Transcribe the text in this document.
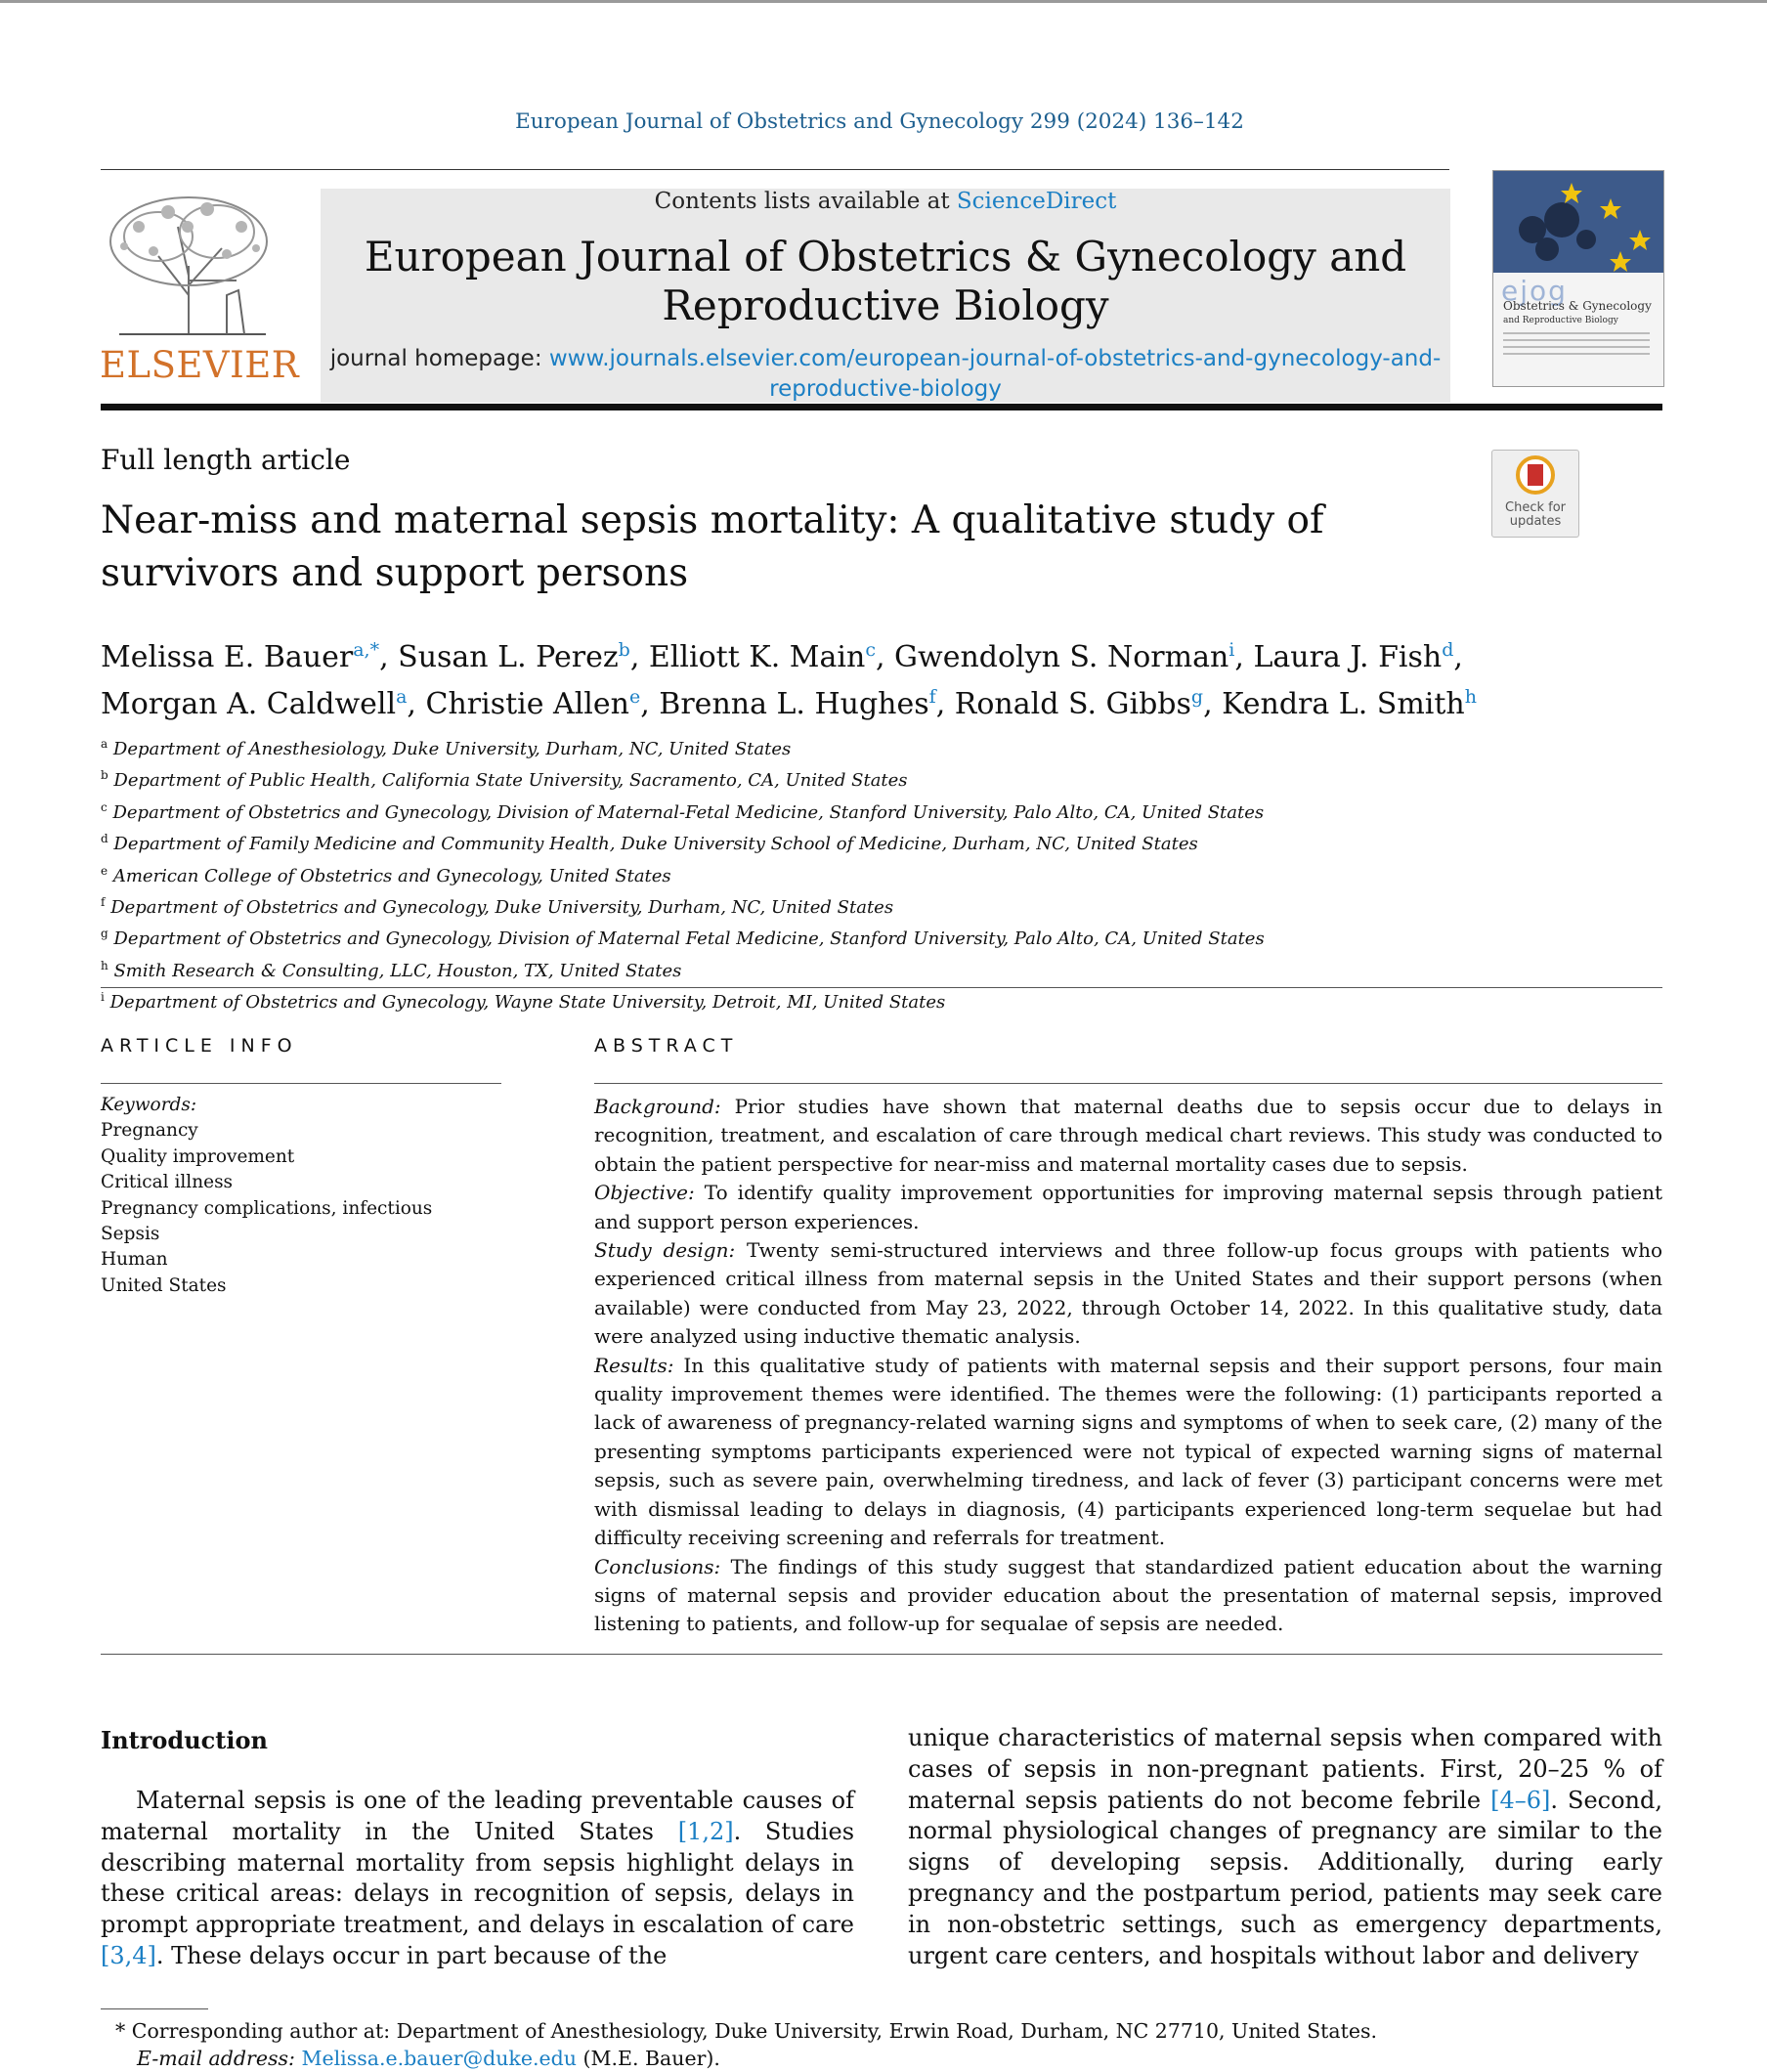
European Journal of Obstetrics and Gynecology 299 (2024) 136–142
ELSEVIER
Contents lists available at ScienceDirect
European Journal of Obstetrics & Gynecology and Reproductive Biology
journal homepage: www.journals.elsevier.com/european-journal-of-obstetrics-and-gynecology-and-
reproductive-biology
ejog
Obstetrics & Gynecology
and Reproductive Biology
Full length article
Check for updates
Near-miss and maternal sepsis mortality: A qualitative study of survivors and support persons
Melissa E. Bauer$^{a,*}$, Susan L. Perez$^b$, Elliott K. Main$^c$, Gwendolyn S. Norman$^i$, Laura J. Fish$^d$, Morgan A. Caldwell$^a$, Christie Allen$^e$, Brenna L. Hughes$^f$, Ronald S. Gibbs$^g$, Kendra L. Smith$^h$
$^a$ Department of Anesthesiology, Duke University, Durham, NC, United States
$^b$ Department of Public Health, California State University, Sacramento, CA, United States
$^c$ Department of Obstetrics and Gynecology, Division of Maternal-Fetal Medicine, Stanford University, Palo Alto, CA, United States
$^d$ Department of Family Medicine and Community Health, Duke University School of Medicine, Durham, NC, United States
$^e$ American College of Obstetrics and Gynecology, United States
$^f$ Department of Obstetrics and Gynecology, Duke University, Durham, NC, United States
$^g$ Department of Obstetrics and Gynecology, Division of Maternal Fetal Medicine, Stanford University, Palo Alto, CA, United States
$^h$ Smith Research & Consulting, LLC, Houston, TX, United States
$^i$ Department of Obstetrics and Gynecology, Wayne State University, Detroit, MI, United States
ARTICLE INFO	ABSTRACT
Keywords:
Pregnancy
Quality improvement
Critical illness
Pregnancy complications, infectious
Sepsis
Human
United States

Background: Prior studies have shown that maternal deaths due to sepsis occur due to delays in recognition, treatment, and escalation of care through medical chart reviews. This study was conducted to obtain the patient perspective for near-miss and maternal mortality cases due to sepsis.

Objective: To identify quality improvement opportunities for improving maternal sepsis through patient and support person experiences.

Study design: Twenty semi-structured interviews and three follow-up focus groups with patients who experienced critical illness from maternal sepsis in the United States and their support persons (when available) were conducted from May 23, 2022, through October 14, 2022. In this qualitative study, data were analyzed using inductive thematic analysis.

Results: In this qualitative study of patients with maternal sepsis and their support persons, four main quality improvement themes were identified. The themes were the following: (1) participants reported a lack of awareness of pregnancy-related warning signs and symptoms of when to seek care, (2) many of the presenting symptoms participants experienced were not typical of expected warning signs of maternal sepsis, such as severe pain, overwhelming tiredness, and lack of fever (3) participant concerns were met with dismissal leading to delays in diagnosis, (4) participants experienced long-term sequelae but had difficulty receiving screening and referrals for treatment.

Conclusions: The findings of this study suggest that standardized patient education about the warning signs of maternal sepsis and provider education about the presentation of maternal sepsis, improved listening to patients, and follow-up for sequalae of sepsis are needed.

Introduction
Maternal sepsis is one of the leading preventable causes of maternal mortality in the United States [1,2]. Studies describing maternal mortality from sepsis highlight delays in these critical areas: delays in recognition of sepsis, delays in prompt appropriate treatment, and delays in escalation of care [3,4]. These delays occur in part because of the
unique characteristics of maternal sepsis when compared with cases of sepsis in non-pregnant patients. First, 20–25 % of maternal sepsis patients do not become febrile [4–6]. Second, normal physiological changes of pregnancy are similar to the signs of developing sepsis. Additionally, during early pregnancy and the postpartum period, patients may seek care in non-obstetric settings, such as emergency departments, urgent care centers, and hospitals without labor and delivery
* Corresponding author at: Department of Anesthesiology, Duke University, Erwin Road, Durham, NC 27710, United States.
E-mail address: Melissa.e.bauer@duke.edu (M.E. Bauer).
